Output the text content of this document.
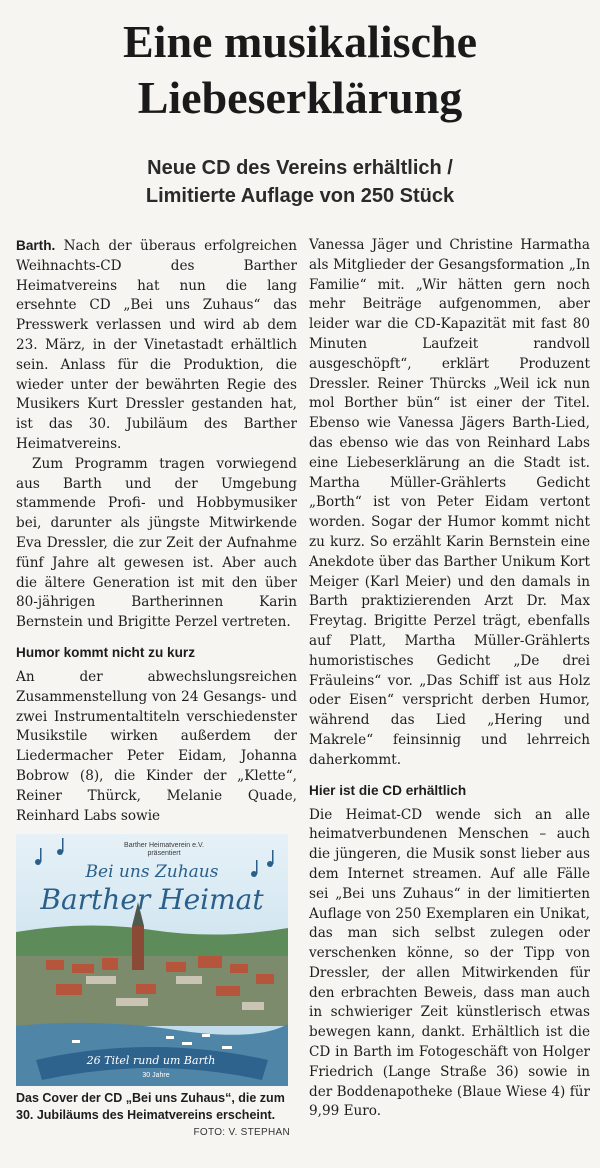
Eine musikalische
Liebeserklärung
Neue CD des Vereins erhältlich /
Limitierte Auflage von 250 Stück

Barth. Nach der überaus erfolgreichen Weihnachts-CD des Barther Heimatvereins hat nun die lang ersehnte CD „Bei uns Zuhaus“ das Presswerk verlassen und wird ab dem 23. März, in der Vinetastadt erhältlich sein. Anlass für die Produktion, die wieder unter der bewährten Regie des Musikers Kurt Dressler gestanden hat, ist das 30. Jubiläum des Barther Heimatvereins.

Zum Programm tragen vorwiegend aus Barth und der Umgebung stammende Profi- und Hobbymusiker bei, darunter als jüngste Mitwirkende Eva Dressler, die zur Zeit der Aufnahme fünf Jahre alt gewesen ist. Aber auch die ältere Generation ist mit den über 80-jährigen Bartherinnen Karin Bernstein und Brigitte Perzel vertreten.

Humor kommt nicht zu kurz

An der abwechslungsreichen Zusammenstellung von 24 Gesangs- und zwei Instrumentaltiteln verschiedenster Musikstile wirken außerdem der Liedermacher Peter Eidam, Johanna Bobrow (8), die Kinder der „Klette“, Reiner Thürck, Melanie Quade, Reinhard Labs sowie

Vanessa Jäger und Christine Harmatha als Mitglieder der Gesangsformation „In Familie“ mit. „Wir hätten gern noch mehr Beiträge aufgenommen, aber leider war die CD-Kapazität mit fast 80 Minuten Laufzeit randvoll ausgeschöpft“, erklärt Produzent Dressler. Reiner Thürcks „Weil ick nun mol Borther bün“ ist einer der Titel. Ebenso wie Vanessa Jägers Barth-Lied, das ebenso wie das von Reinhard Labs eine Liebeserklärung an die Stadt ist. Martha Müller-Grählerts Gedicht „Borth“ ist von Peter Eidam vertont worden. Sogar der Humor kommt nicht zu kurz. So erzählt Karin Bernstein eine Anekdote über das Barther Unikum Kort Meiger (Karl Meier) und den damals in Barth praktizierenden Arzt Dr. Max Freytag. Brigitte Perzel trägt, ebenfalls auf Platt, Martha Müller-Grählerts humoristisches Gedicht „De drei Fräuleins“ vor. „Das Schiff ist aus Holz oder Eisen“ verspricht derben Humor, während das Lied „Hering und Makrele“ feinsinnig und lehrreich daherkommt.

Hier ist die CD erhältlich

Die Heimat-CD wende sich an alle heimatverbundenen Menschen – auch die jüngeren, die Musik sonst lieber aus dem Internet streamen. Auf alle Fälle sei „Bei uns Zuhaus“ in der limitierten Auflage von 250 Exemplaren ein Unikat, das man sich selbst zulegen oder verschenken könne, so der Tipp von Dressler, der allen Mitwirkenden für den erbrachten Beweis, dass man auch in schwieriger Zeit künstlerisch etwas bewegen kann, dankt. Erhältlich ist die CD in Barth im Fotogeschäft von Holger Friedrich (Lange Straße 36) sowie in der Boddenapotheke (Blaue Wiese 4) für 9,99 Euro.

Barther Heimatverein e.V.
präsentiert
Bei uns Zuhaus
Barther Heimat
26 Titel rund um Barth
30 Jahre
Das Cover der CD „Bei uns Zuhaus“, die zum 30. Jubiläums des Heimatvereins erscheint.
FOTO: V. STEPHAN
